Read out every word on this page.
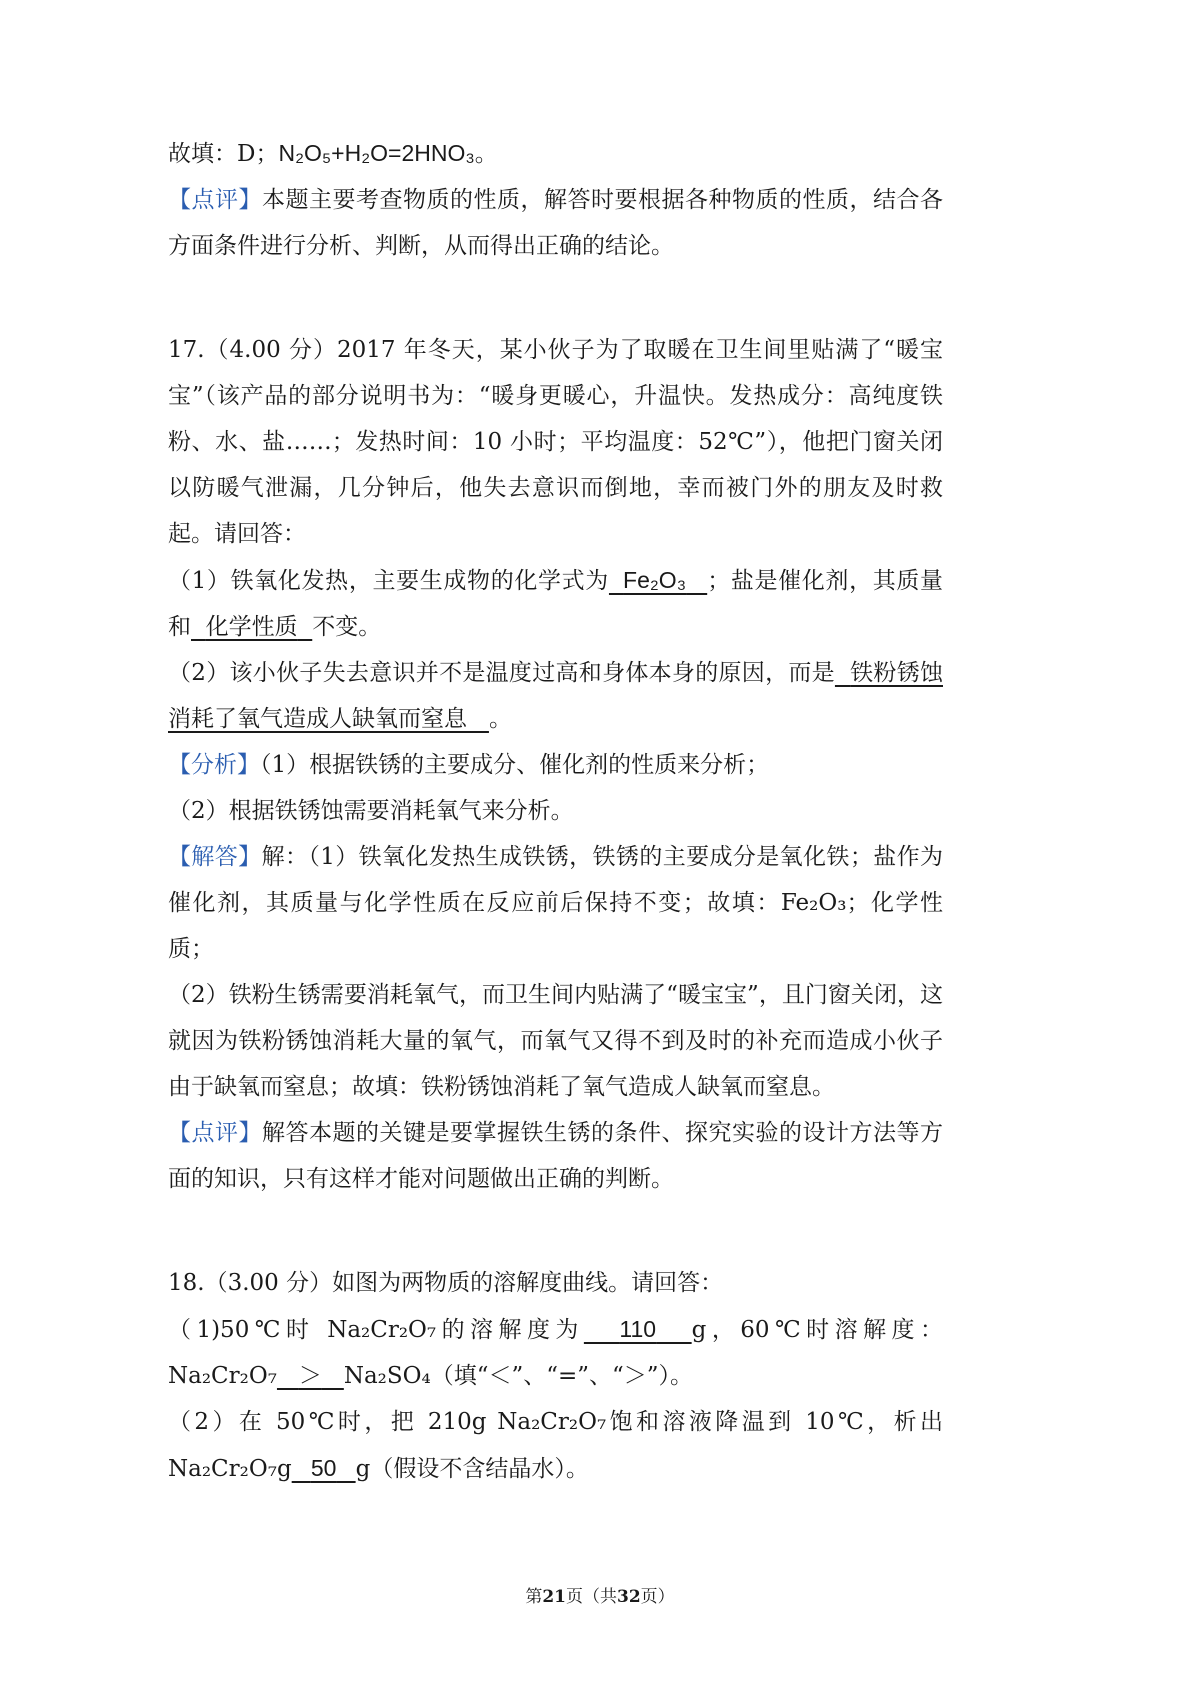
故填：D；N₂O₅+H₂O=2HNO₃。

【点评】本题主要考查物质的性质，解答时要根据各种物质的性质，结合各方面条件进行分析、判断，从而得出正确的结论。

17.（4.00 分）2017 年冬天，某小伙子为了取暖在卫生间里贴满了“暖宝宝”（该产品的部分说明书为：“暖身更暖心，升温快。发热成分：高纯度铁粉、水、盐……；发热时间：10 小时；平均温度：52℃”），他把门窗关闭以防暖气泄漏，几分钟后，他失去意识而倒地，幸而被门外的朋友及时救起。请回答：

（1）铁氧化发热，主要生成物的化学式为 Fe₂O₃ ；盐是催化剂，其质量和 化学性质 不变。

（2）该小伙子失去意识并不是温度过高和身体本身的原因，而是 铁粉锈蚀消耗了氧气造成人缺氧而窒息 。

【分析】（1）根据铁锈的主要成分、催化剂的性质来分析；

（2）根据铁锈蚀需要消耗氧气来分析。

【解答】解：（1）铁氧化发热生成铁锈，铁锈的主要成分是氧化铁；盐作为催化剂，其质量与化学性质在反应前后保持不变；故填：Fe₂O₃；化学性质；

（2）铁粉生锈需要消耗氧气，而卫生间内贴满了“暖宝宝”，且门窗关闭，这就因为铁粉锈蚀消耗大量的氧气，而氧气又得不到及时的补充而造成小伙子由于缺氧而窒息；故填：铁粉锈蚀消耗了氧气造成人缺氧而窒息。

【点评】解答本题的关键是要掌握铁生锈的条件、探究实验的设计方法等方面的知识，只有这样才能对问题做出正确的判断。

18.（3.00 分）如图为两物质的溶解度曲线。请回答：

（1)50℃时 Na₂Cr₂O₇的溶解度为 110 g，60℃时溶解度：Na₂Cr₂O₇ ＞ Na₂SO₄（填“＜”、“=”、“＞”）。

（2）在 50℃时，把 210g Na₂Cr₂O₇饱和溶液降温到 10℃，析出 Na₂Cr₂O₇g 50 g（假设不含结晶水）。

第21页（共32页）
